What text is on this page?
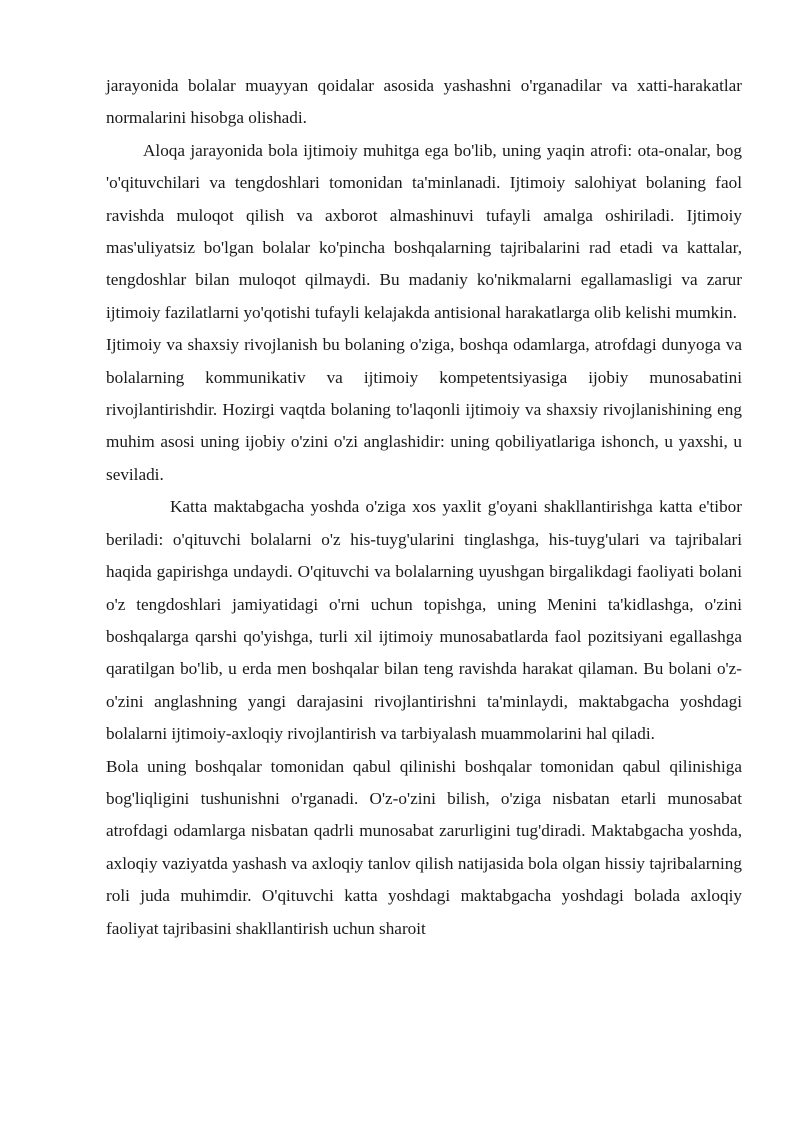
jarayonida bolalar muayyan qoidalar asosida yashashni o'rganadilar va xatti-harakatlar normalarini hisobga olishadi.

Aloqa jarayonida bola ijtimoiy muhitga ega bo'lib, uning yaqin atrofi: ota-onalar, bog 'o'qituvchilari va tengdoshlari tomonidan ta'minlanadi. Ijtimoiy salohiyat bolaning faol ravishda muloqot qilish va axborot almashinuvi tufayli amalga oshiriladi. Ijtimoiy mas'uliyatsiz bo'lgan bolalar ko'pincha boshqalarning tajribalarini rad etadi va kattalar, tengdoshlar bilan muloqot qilmaydi. Bu madaniy ko'nikmalarni egallamasligi va zarur ijtimoiy fazilatlarni yo'qotishi tufayli kelajakda antisional harakatlarga olib kelishi mumkin.

Ijtimoiy va shaxsiy rivojlanish bu bolaning o'ziga, boshqa odamlarga, atrofdagi dunyoga va bolalarning kommunikativ va ijtimoiy kompetentsiyasiga ijobiy munosabatini rivojlantirishdir. Hozirgi vaqtda bolaning to'laqonli ijtimoiy va shaxsiy rivojlanishining eng muhim asosi uning ijobiy o'zini o'zi anglashidir: uning qobiliyatlariga ishonch, u yaxshi, u seviladi.

Katta maktabgacha yoshda o'ziga xos yaxlit g'oyani shakllantirishga katta e'tibor beriladi: o'qituvchi bolalarni o'z his-tuyg'ularini tinglashga, his-tuyg'ulari va tajribalari haqida gapirishga undaydi. O'qituvchi va bolalarning uyushgan birgalikdagi faoliyati bolani o'z tengdoshlari jamiyatidagi o'rni uchun topishga, uning Menini ta'kidlashga, o'zini boshqalarga qarshi qo'yishga, turli xil ijtimoiy munosabatlarda faol pozitsiyani egallashga qaratilgan bo'lib, u erda men boshqalar bilan teng ravishda harakat qilaman. Bu bolani o'z-o'zini anglashning yangi darajasini rivojlantirishni ta'minlaydi, maktabgacha yoshdagi bolalarni ijtimoiy-axloqiy rivojlantirish va tarbiyalash muammolarini hal qiladi.

Bola uning boshqalar tomonidan qabul qilinishi boshqalar tomonidan qabul qilinishiga bog'liqligini tushunishni o'rganadi. O'z-o'zini bilish, o'ziga nisbatan etarli munosabat atrofdagi odamlarga nisbatan qadrli munosabat zarurligini tug'diradi. Maktabgacha yoshda, axloqiy vaziyatda yashash va axloqiy tanlov qilish natijasida bola olgan hissiy tajribalarning roli juda muhimdir. O'qituvchi katta yoshdagi maktabgacha yoshdagi bolada axloqiy faoliyat tajribasini shakllantirish uchun sharoit
